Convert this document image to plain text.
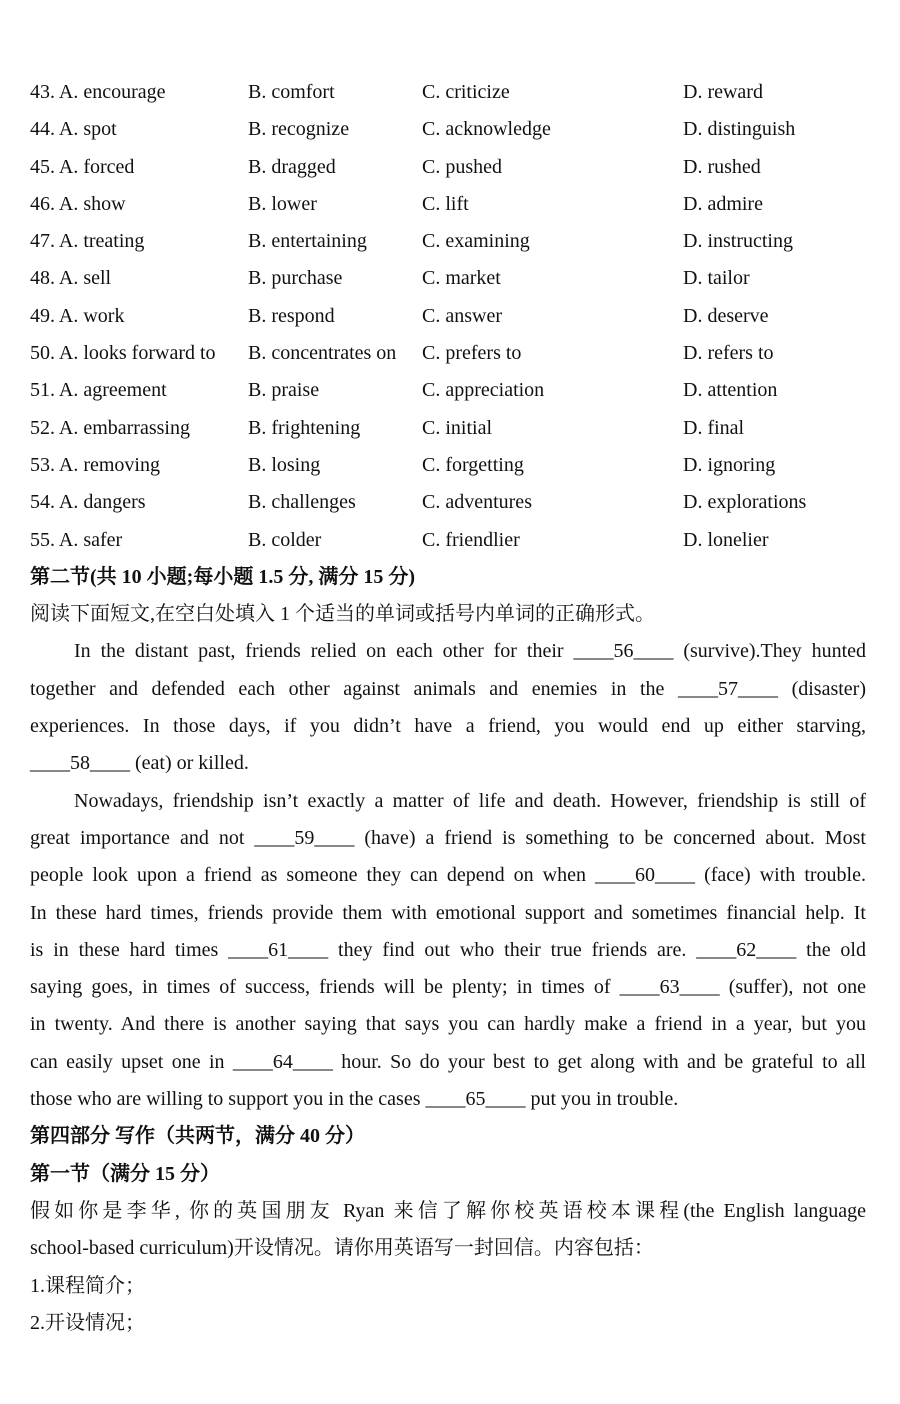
43. A. encourage	B. comfort	C. criticize	D. reward
44. A. spot	B. recognize	C. acknowledge	D. distinguish
45. A. forced	B. dragged	C. pushed	D. rushed
46. A. show	B. lower	C. lift	D. admire
47. A. treating	B. entertaining	C. examining	D. instructing
48. A. sell	B. purchase	C. market	D. tailor
49. A. work	B. respond	C. answer	D. deserve
50. A. looks forward to B. concentrates on C. prefers to	D. refers to
51. A. agreement	B. praise	C. appreciation	D. attention
52. A. embarrassing	B. frightening	C. initial	D. final
53. A. removing	B. losing	C. forgetting	D. ignoring
54. A. dangers	B. challenges	C. adventures	D. explorations
55. A. safer	B. colder	C. friendlier	D. lonelier
第二节(共 10 小题;每小题 1.5 分, 满分 15 分)
阅读下面短文,在空白处填入 1 个适当的单词或括号内单词的正确形式。
In the distant past, friends relied on each other for their ____56____ (survive).They hunted
together and defended each other against animals and enemies in the ____57____ (disaster)
experiences. In those days, if you didn’t have a friend, you would end up either starving,
____58____ (eat) or killed.
Nowadays, friendship isn’t exactly a matter of life and death. However, friendship is still of
great importance and not ____59____ (have) a friend is something to be concerned about. Most
people look upon a friend as someone they can depend on when ____60____ (face) with trouble.
In these hard times, friends provide them with emotional support and sometimes financial help. It
is in these hard times ____61____ they find out who their true friends are. ____62____ the old
saying goes, in times of success, friends will be plenty; in times of ____63____ (suffer), not one
in twenty. And there is another saying that says you can hardly make a friend in a year, but you
can easily upset one in ____64____ hour. So do your best to get along with and be grateful to all
those who are willing to support you in the cases ____65____ put you in trouble.
第四部分 写作（共两节，满分 40 分）
第一节（满分 15 分）
假如你是李华, 你的英国朋友 Ryan 来信了解你校英语校本课程(the English language
school-based curriculum)开设情况。请你用英语写一封回信。内容包括：
1.课程简介；
2.开设情况；
